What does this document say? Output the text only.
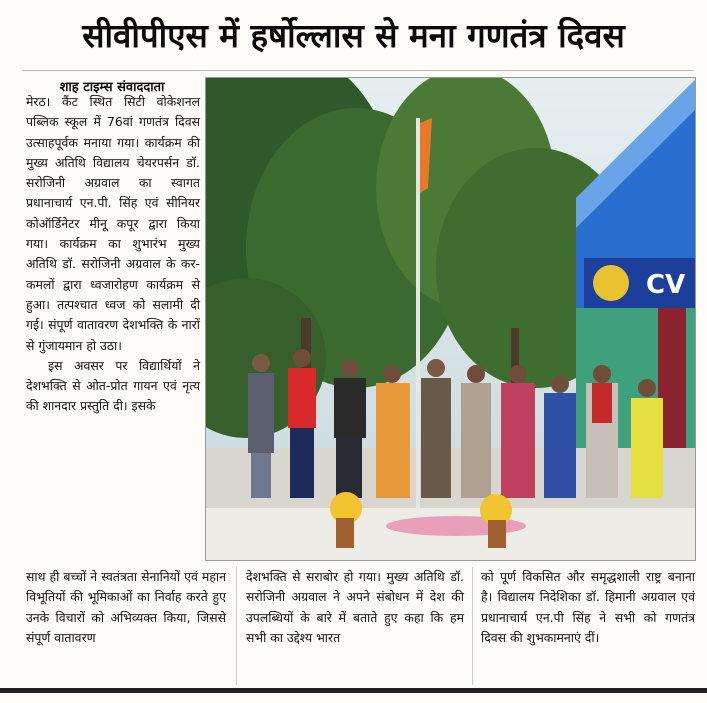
सीवीपीएस में हर्षोल्लास से मना गणतंत्र दिवस
शाह टाइम्स संवाददाता

मेरठ। कैंट स्थित सिटी वोकेशनल पब्लिक स्कूल में 76वां गणतंत्र दिवस उत्साहपूर्वक मनाया गया। कार्यक्रम की मुख्य अतिथि विद्यालय चेयरपर्सन डॉ. सरोजिनी अग्रवाल का स्वागत प्रधानाचार्य एन.पी. सिंह एवं सीनियर कोऑर्डिनेटर मीनू कपूर द्वारा किया गया। कार्यक्रम का शुभारंभ मुख्य अतिथि डॉ. सरोजिनी अग्रवाल के कर-कमलों द्वारा ध्वजारोहण कार्यक्रम से हुआ। तत्पश्चात ध्वज को सलामी दी गई। संपूर्ण वातावरण देशभक्ति के नारों से गुंजायमान हो उठा।

इस अवसर पर विद्यार्थियों ने देशभक्ति से ओत-प्रोत गायन एवं नृत्य की शानदार प्रस्तुति दी। इसके

CV
साथ ही बच्चों ने स्वतंत्रता सेनानियों एवं महान विभूतियों की भूमिकाओं का निर्वाह करते हुए उनके विचारों को अभिव्यक्त किया, जिससे संपूर्ण वातावरण
देशभक्ति से सराबोर हो गया। मुख्य अतिथि डॉ. सरोजिनी अग्रवाल ने अपने संबोधन में देश की उपलब्धियों के बारे में बताते हुए कहा कि हम सभी का उद्देश्य भारत
को पूर्ण विकसित और समृद्धशाली राष्ट्र बनाना है। विद्यालय निदेशिका डॉ. हिमानी अग्रवाल एवं प्रधानाचार्य एन.पी सिंह ने सभी को गणतंत्र दिवस की शुभकामनाएं दीं।
